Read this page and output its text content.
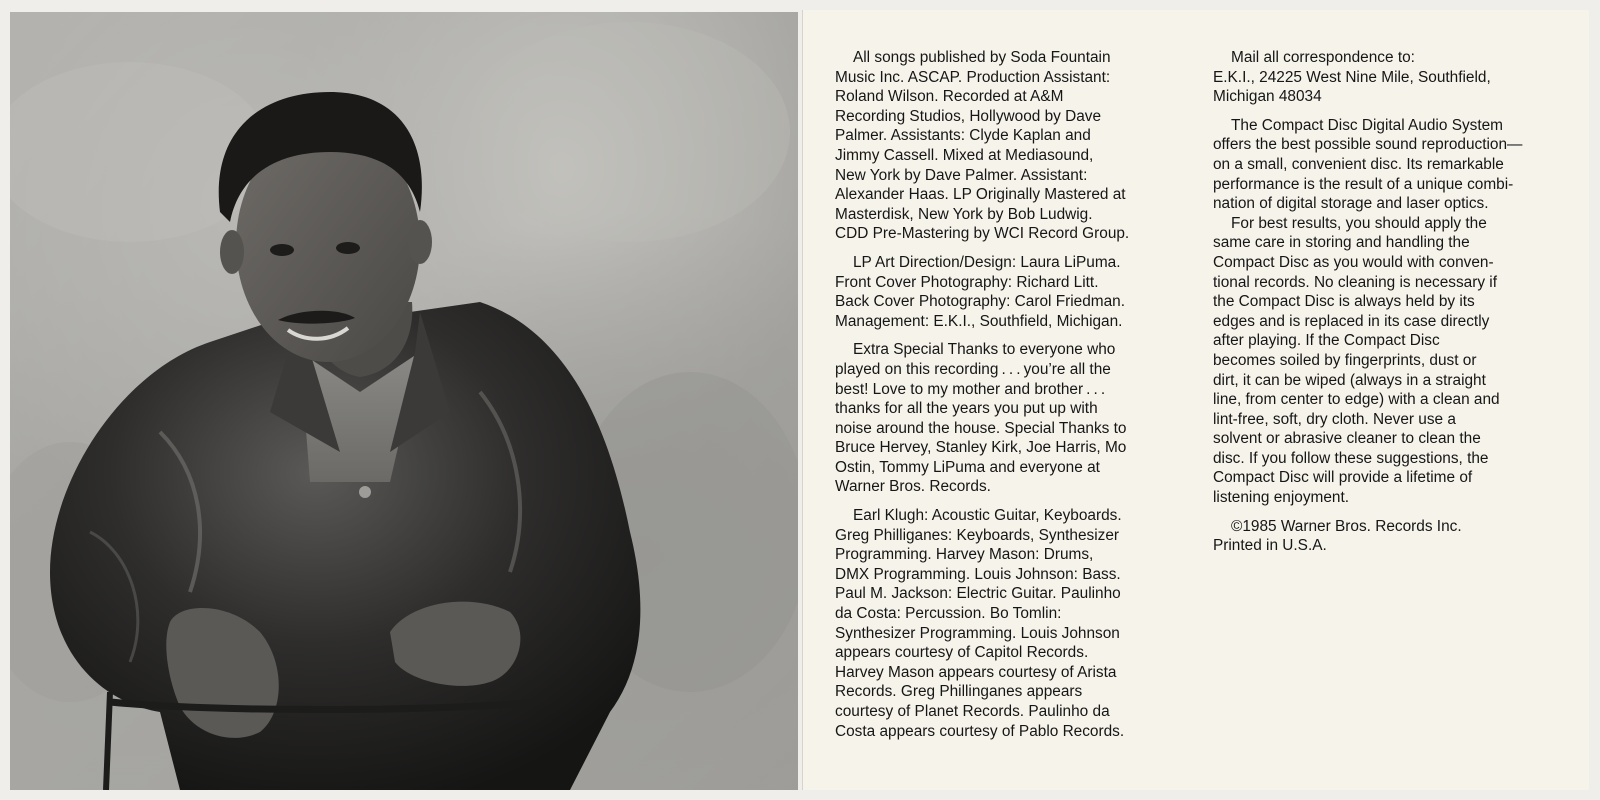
All songs published by Soda Fountain
Music Inc. ASCAP. Production Assistant:
Roland Wilson. Recorded at A&M
Recording Studios, Hollywood by Dave
Palmer. Assistants: Clyde Kaplan and
Jimmy Cassell. Mixed at Mediasound,
New York by Dave Palmer. Assistant:
Alexander Haas. LP Originally Mastered at
Masterdisk, New York by Bob Ludwig.
CDD Pre-Mastering by WCI Record Group.

LP Art Direction/Design: Laura LiPuma.
Front Cover Photography: Richard Litt.
Back Cover Photography: Carol Friedman.
Management: E.K.I., Southfield, Michigan.

Extra Special Thanks to everyone who
played on this recording . . . you’re all the
best! Love to my mother and brother . . .
thanks for all the years you put up with
noise around the house. Special Thanks to
Bruce Hervey, Stanley Kirk, Joe Harris, Mo
Ostin, Tommy LiPuma and everyone at
Warner Bros. Records.

Earl Klugh: Acoustic Guitar, Keyboards.
Greg Philliganes: Keyboards, Synthesizer
Programming. Harvey Mason: Drums,
DMX Programming. Louis Johnson: Bass.
Paul M. Jackson: Electric Guitar. Paulinho
da Costa: Percussion. Bo Tomlin:
Synthesizer Programming. Louis Johnson
appears courtesy of Capitol Records.
Harvey Mason appears courtesy of Arista
Records. Greg Phillinganes appears
courtesy of Planet Records. Paulinho da
Costa appears courtesy of Pablo Records.

Mail all correspondence to:

E.K.I., 24225 West Nine Mile, Southfield,
Michigan 48034

The Compact Disc Digital Audio System
offers the best possible sound reproduction—
on a small, convenient disc. Its remarkable
performance is the result of a unique combi-
nation of digital storage and laser optics.

For best results, you should apply the
same care in storing and handling the
Compact Disc as you would with conven-
tional records. No cleaning is necessary if
the Compact Disc is always held by its
edges and is replaced in its case directly
after playing. If the Compact Disc
becomes soiled by fingerprints, dust or
dirt, it can be wiped (always in a straight
line, from center to edge) with a clean and
lint-free, soft, dry cloth. Never use a
solvent or abrasive cleaner to clean the
disc. If you follow these suggestions, the
Compact Disc will provide a lifetime of
listening enjoyment.

©1985 Warner Bros. Records Inc.
Printed in U.S.A.
